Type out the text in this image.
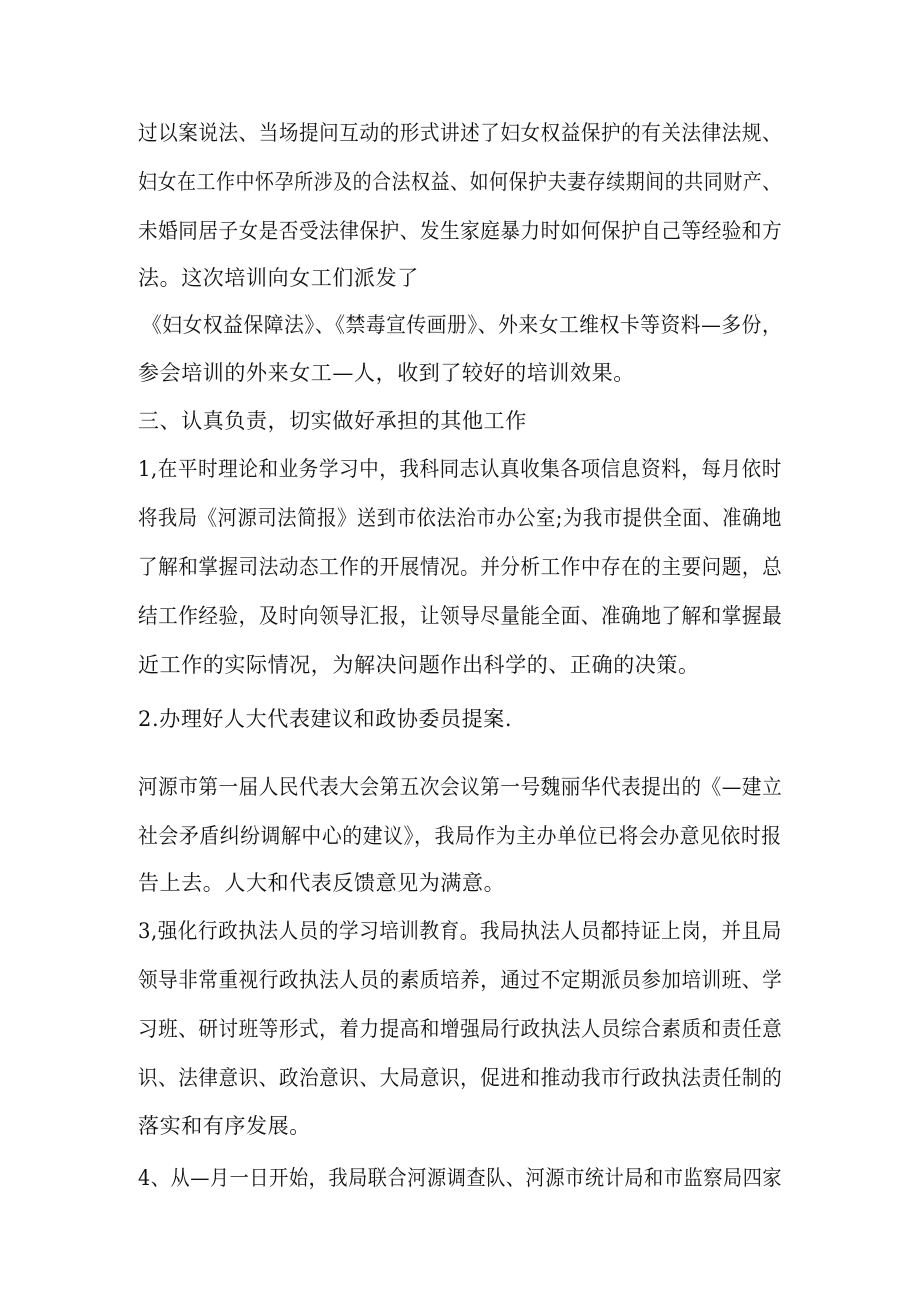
过以案说法、当场提问互动的形式讲述了妇女权益保护的有关法律法规、
妇女在工作中怀孕所涉及的合法权益、如何保护夫妻存续期间的共同财产、
未婚同居子女是否受法律保护、发生家庭暴力时如何保护自己等经验和方
法。这次培训向女工们派发了
《妇女权益保障法》、《禁毒宣传画册》、外来女工维权卡等资料—多份，
参会培训的外来女工—人，收到了较好的培训效果。
三、认真负责，切实做好承担的其他工作
1,在平时理论和业务学习中，我科同志认真收集各项信息资料，每月依时
将我局《河源司法简报》送到市依法治市办公室;为我市提供全面、准确地
了解和掌握司法动态工作的开展情况。并分析工作中存在的主要问题，总
结工作经验，及时向领导汇报，让领导尽量能全面、准确地了解和掌握最
近工作的实际情况，为解决问题作出科学的、正确的决策。
2.办理好人大代表建议和政协委员提案.
河源市第一届人民代表大会第五次会议第一号魏丽华代表提出的《—建立
社会矛盾纠纷调解中心的建议》，我局作为主办单位已将会办意见依时报
告上去。人大和代表反馈意见为满意。
3,强化行政执法人员的学习培训教育。我局执法人员都持证上岗，并且局
领导非常重视行政执法人员的素质培养，通过不定期派员参加培训班、学
习班、研讨班等形式，着力提高和增强局行政执法人员综合素质和责任意
识、法律意识、政治意识、大局意识，促进和推动我市行政执法责任制的
落实和有序发展。
4、从—月一日开始，我局联合河源调查队、河源市统计局和市监察局四家
